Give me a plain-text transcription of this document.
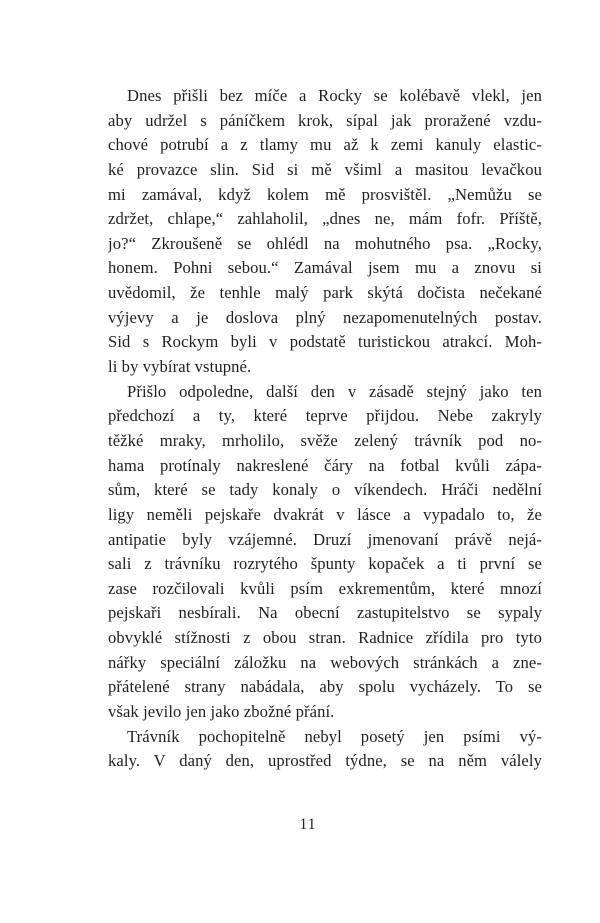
Dnes přišli bez míče a Rocky se kolébavě vlekl, jen
aby udržel s páníčkem krok, sípal jak proražené vzdu-
chové potrubí a z tlamy mu až k zemi kanuly elastic-
ké provazce slin. Sid si mě všiml a masitou levačkou
mi zamával, když kolem mě prosvištěl. „Nemůžu se
zdržet, chlape,“ zahlaholil, „dnes ne, mám fofr. Příště,
jo?“ Zkroušeně se ohlédl na mohutného psa. „Rocky,
honem. Pohni sebou.“ Zamával jsem mu a znovu si
uvědomil, že tenhle malý park skýtá dočista nečekané
výjevy a je doslova plný nezapomenutelných postav.
Sid s Rockym byli v podstatě turistickou atrakcí. Moh-
li by vybírat vstupné.
Přišlo odpoledne, další den v zásadě stejný jako ten
předchozí a ty, které teprve přijdou. Nebe zakryly
těžké mraky, mrholilo, svěže zelený trávník pod no-
hama protínaly nakreslené čáry na fotbal kvůli zápa-
sům, které se tady konaly o víkendech. Hráči nedělní
ligy neměli pejskaře dvakrát v lásce a vypadalo to, že
antipatie byly vzájemné. Druzí jmenovaní právě nejá-
sali z trávníku rozrytého špunty kopaček a ti první se
zase rozčilovali kvůli psím exkrementům, které mnozí
pejskaři nesbírali. Na obecní zastupitelstvo se sypaly
obvyklé stížnosti z obou stran. Radnice zřídila pro tyto
nářky speciální záložku na webových stránkách a zne-
přátelené strany nabádala, aby spolu vycházely. To se
však jevilo jen jako zbožné přání.
Trávník pochopitelně nebyl posetý jen psími vý-
kaly. V daný den, uprostřed týdne, se na něm válely
11
